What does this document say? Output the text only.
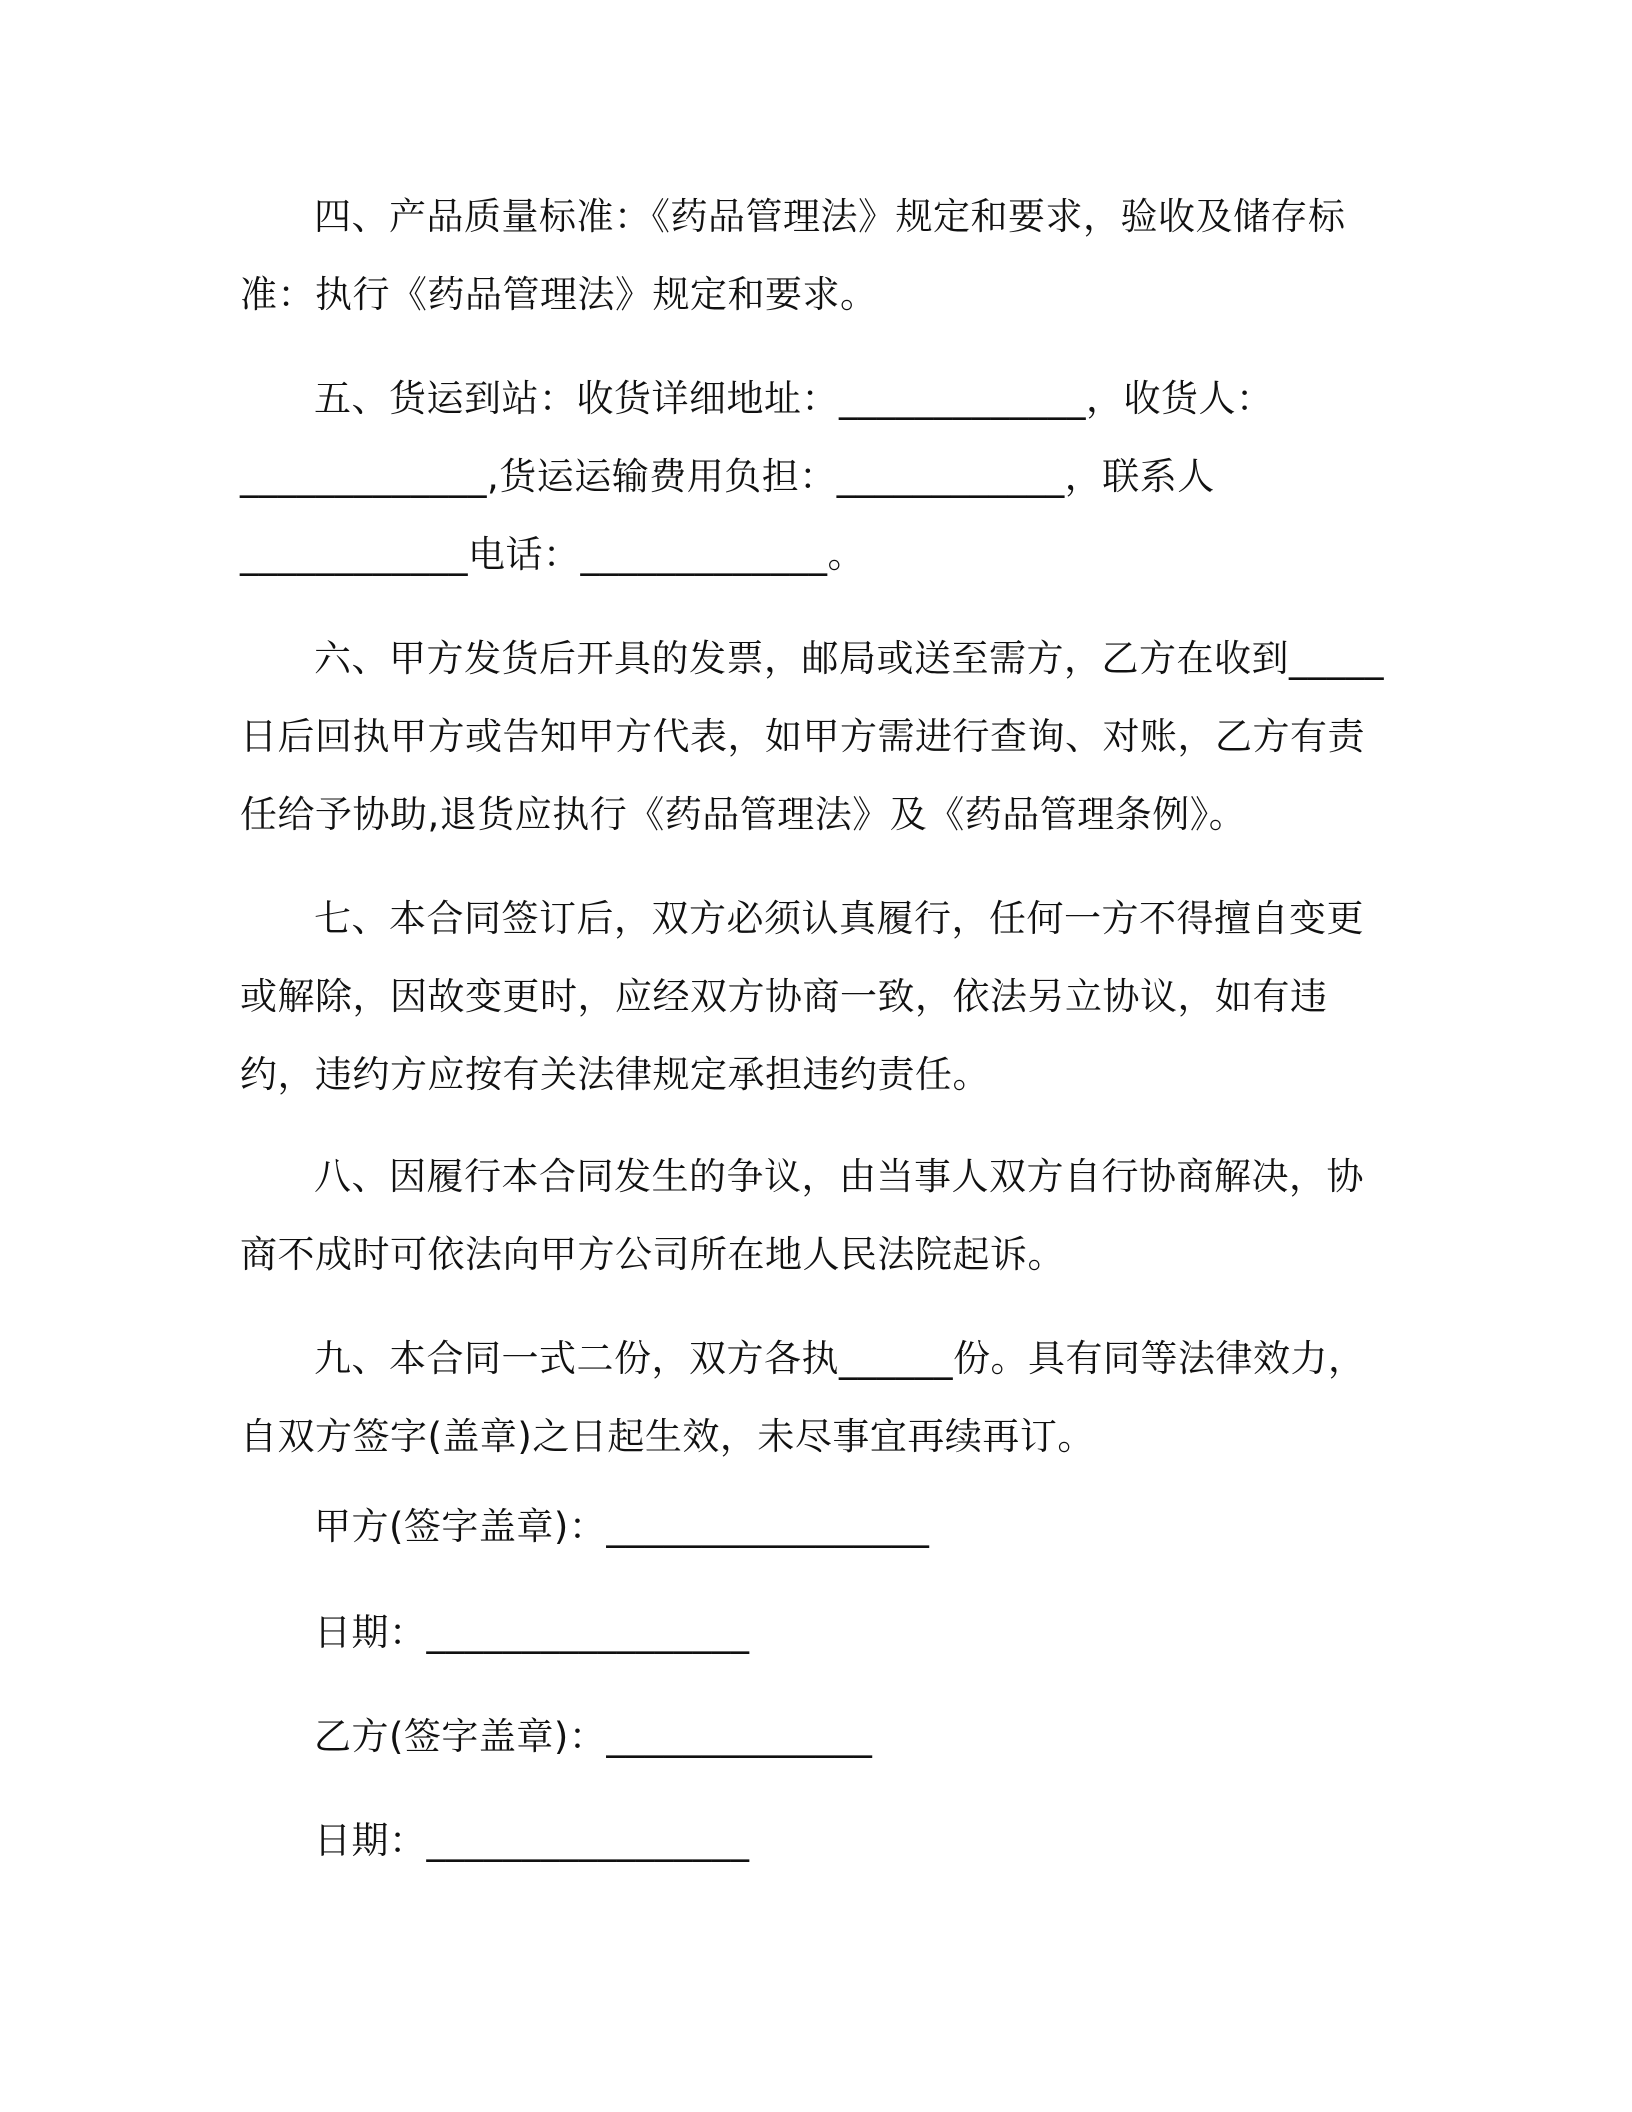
四、产品质量标准：《药品管理法》规定和要求，验收及储存标准：执行《药品管理法》规定和要求。

五、货运到站：收货详细地址：_____________，收货人：_____________,货运运输费用负担：____________，联系人____________电话：_____________。

六、甲方发货后开具的发票，邮局或送至需方，乙方在收到_____日后回执甲方或告知甲方代表，如甲方需进行查询、对账，乙方有责任给予协助,退货应执行《药品管理法》及《药品管理条例》。

七、本合同签订后，双方必须认真履行，任何一方不得擅自变更或解除，因故变更时，应经双方协商一致，依法另立协议，如有违约，违约方应按有关法律规定承担违约责任。

八、因履行本合同发生的争议，由当事人双方自行协商解决，协商不成时可依法向甲方公司所在地人民法院起诉。

九、本合同一式二份，双方各执______份。具有同等法律效力，自双方签字(盖章)之日起生效，未尽事宜再续再订。

甲方(签字盖章)：_________________
日期：_________________
乙方(签字盖章)：______________
日期：_________________
